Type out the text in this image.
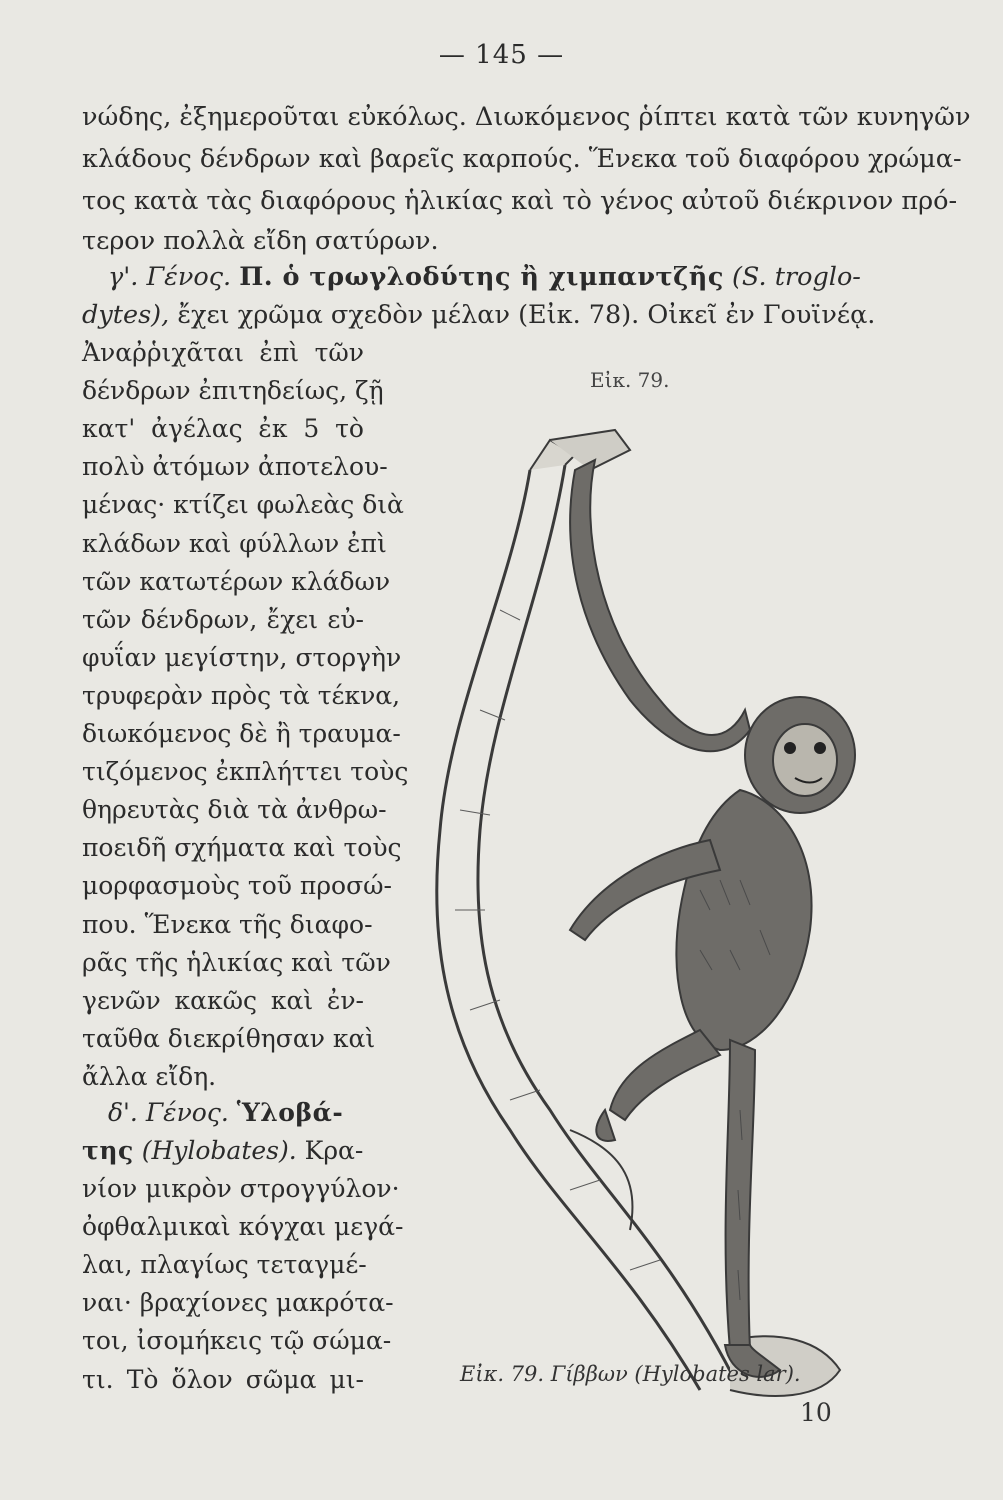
— 145 —
νώδης, ἐξημεροῦται εὐκόλως. Διωκόμενος ῥίπτει κατὰ τῶν κυνηγῶν
κλάδους δένδρων καὶ βαρεῖς καρπούς. Ἕνεκα τοῦ διαφόρου χρώμα-
τος κατὰ τὰς διαφόρους ἡλικίας καὶ τὸ γένος αὐτοῦ διέκρινον πρό-
τερον πολλὰ εἴδη σατύρων.
γ'. Γένος. Π. ὁ τρωγλοδύτης ἢ χιμπαντζῆς (S. troglo-
dytes), ἔχει χρῶμα σχεδὸν μέλαν (Εἰκ. 78). Οἰκεῖ ἐν Γουϊνέᾳ.
Ἀναῤῥιχᾶται ἐπὶ τῶν
δένδρων ἐπιτηδείως, ζῇ
κατ' ἀγέλας ἐκ 5 τὸ
πολὺ ἀτόμων ἀποτελου-
μένας· κτίζει φωλεὰς διὰ
κλάδων καὶ φύλλων ἐπὶ
τῶν κατωτέρων κλάδων
τῶν δένδρων, ἔχει εὐ-
φυΐαν μεγίστην, στοργὴν
τρυφερὰν πρὸς τὰ τέκνα,
διωκόμενος δὲ ἢ τραυμα-
τιζόμενος ἐκπλήττει τοὺς
θηρευτὰς διὰ τὰ ἀνθρω-
ποειδῆ σχήματα καὶ τοὺς
μορφασμοὺς τοῦ προσώ-
που. Ἕνεκα τῆς διαφο-
ρᾶς τῆς ἡλικίας καὶ τῶν
γενῶν κακῶς καὶ ἐν-
ταῦθα διεκρίθησαν καὶ
ἄλλα εἴδη.
δ'. Γένος. Ὑλοβά-
της (Hylobates). Κρα-
νίον μικρὸν στρογγύλον·
ὀφθαλμικαὶ κόγχαι μεγά-
λαι, πλαγίως τεταγμέ-
ναι· βραχίονες μακρότα-
τοι, ἰσομήκεις τῷ σώμα-
τι. Τὸ ὅλον σῶμα μι-
Εἰκ. 79.
Εἰκ. 79. Γίββων (Hylobates lar).
10
